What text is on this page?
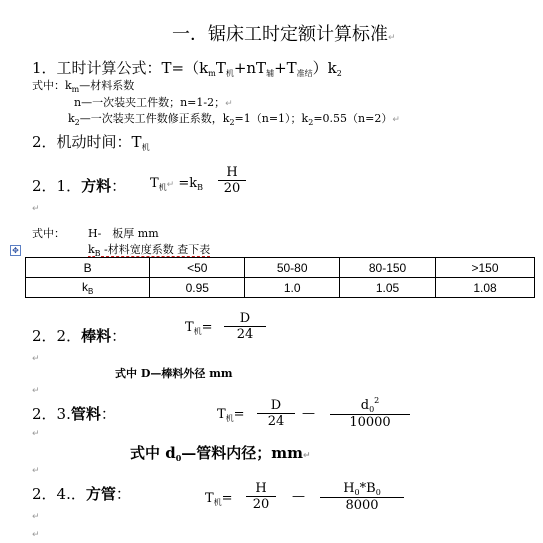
一．锯床工时定额计算标准↵
1．工时计算公式：$T=(k_mT_机+nT_辅+T_{准结})k_2$
式中：$k_m—$材料系数
n—一次装夹工件数；n=1-2；↵
$k_2—$一次装夹工件数修正系数，$k_2=1(n=1)$；$k_2=0.55(n=2)↵$
2．机动时间：$T_机$
2．1．方料： $T_机↵ =k_B \frac{H}{20}$
↵
式中： H-　板厚 mm
$k_B$ -材料宽度系数 查下表
✥
B	<50	50-80	80-150	>150
$k_B$	0.95	1.0	1.05	1.08
2．2．棒料：	$T_机= \frac{D}{24}$
↵
式中 D—棒料外径 mm
↵
2．3.管料：	$T_机= \frac{D}{24}$ — $\frac{d_0^2}{10000}$
↵
式中 $d_0—$管料内径；mm↵
↵
2．4.．方管：	$T_机= \frac{H}{20}$ — $\frac{H_0*B_0}{8000}$
↵
↵
